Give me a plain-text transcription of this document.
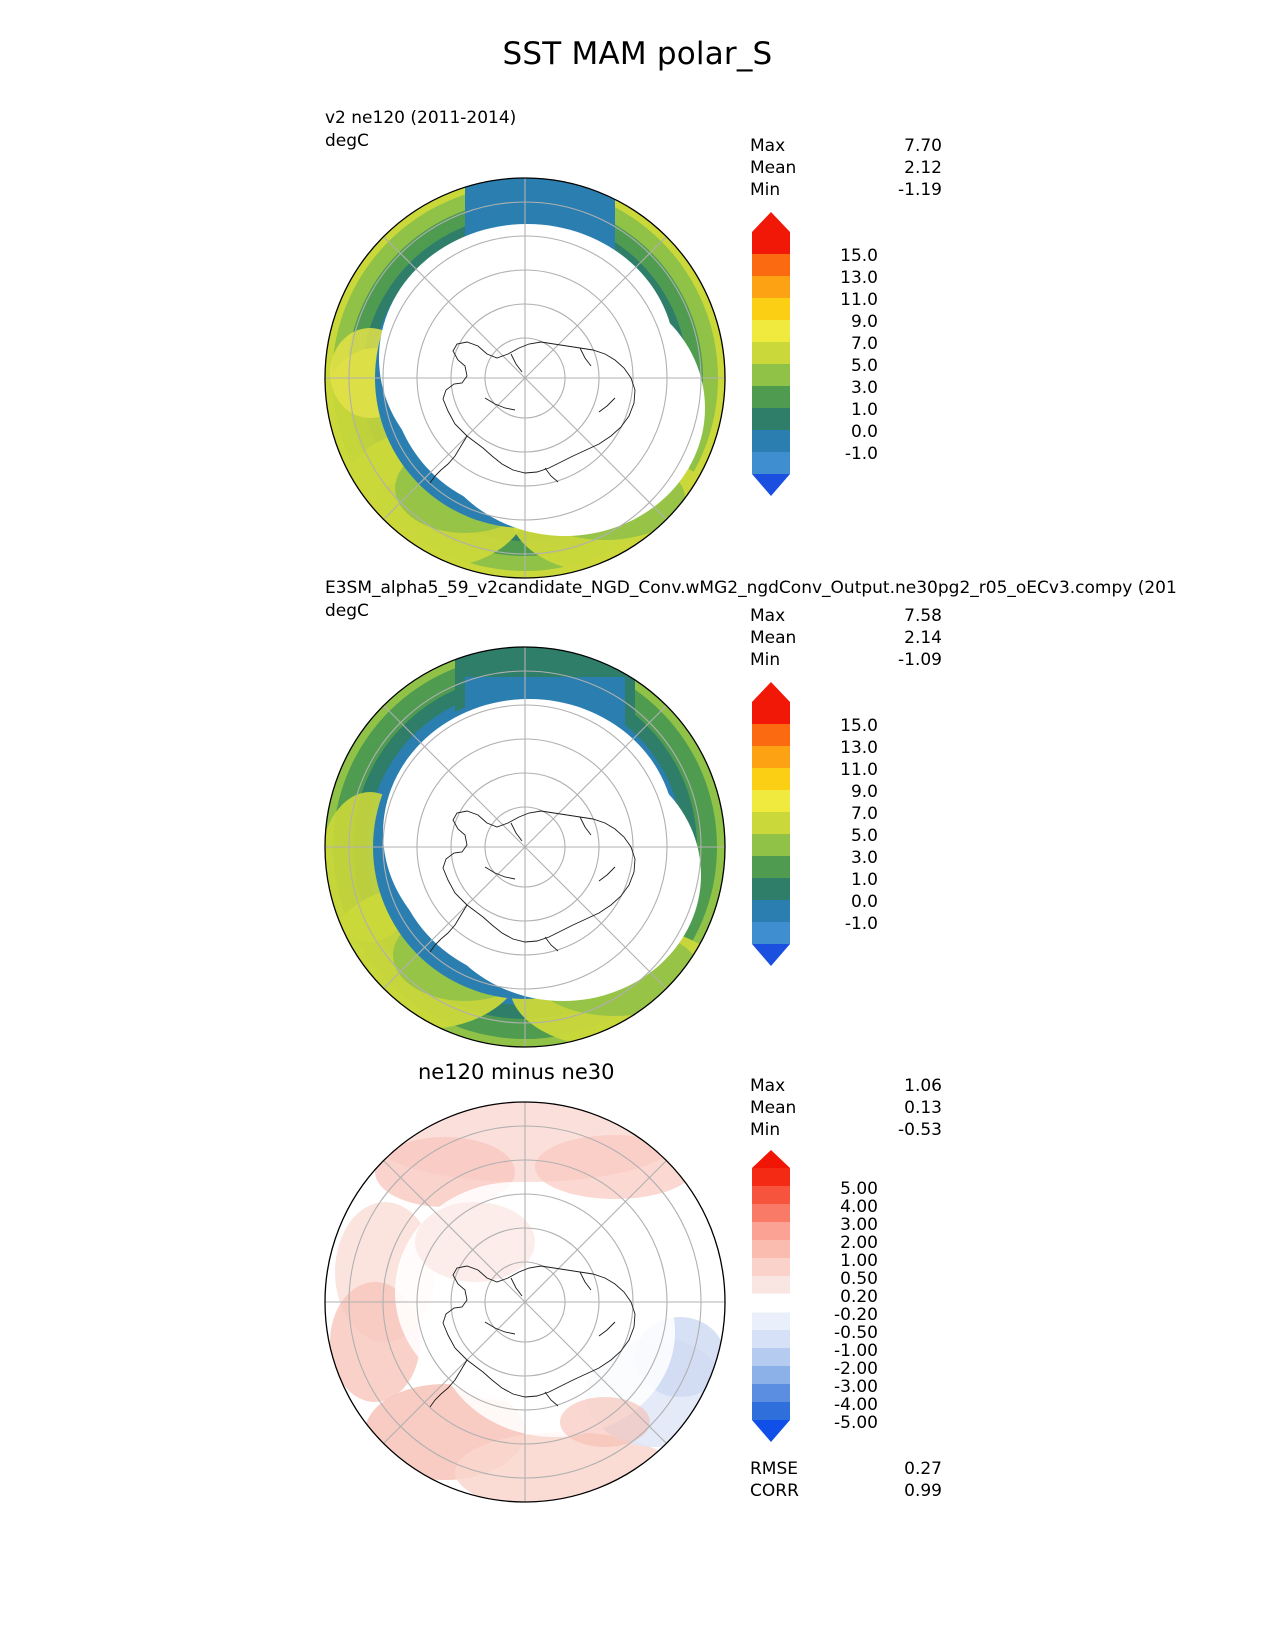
SST MAM polar_S
v2 ne120 (2011-2014)
degC	Max	7.70
Mean	2.12
Min	-1.19
15.0
13.0
11.0
9.0
7.0
5.0
3.0
1.0
0.0
-1.0
E3SM_alpha5_59_v2candidate_NGD_Conv.wMG2_ngdConv_Output.ne30pg2_r05_oECv3.compy (201
degC	Max	7.58
Mean	2.14
Min	-1.09
15.0
13.0
11.0
9.0
7.0
5.0
3.0
1.0
0.0
-1.0
ne120 minus ne30
Max	1.06
Mean	0.13
Min	-0.53
5.00
4.00
3.00
2.00
1.00
0.50
0.20
-0.20
-0.50
-1.00
-2.00
-3.00
-4.00
-5.00
RMSE	0.27
CORR	0.99
